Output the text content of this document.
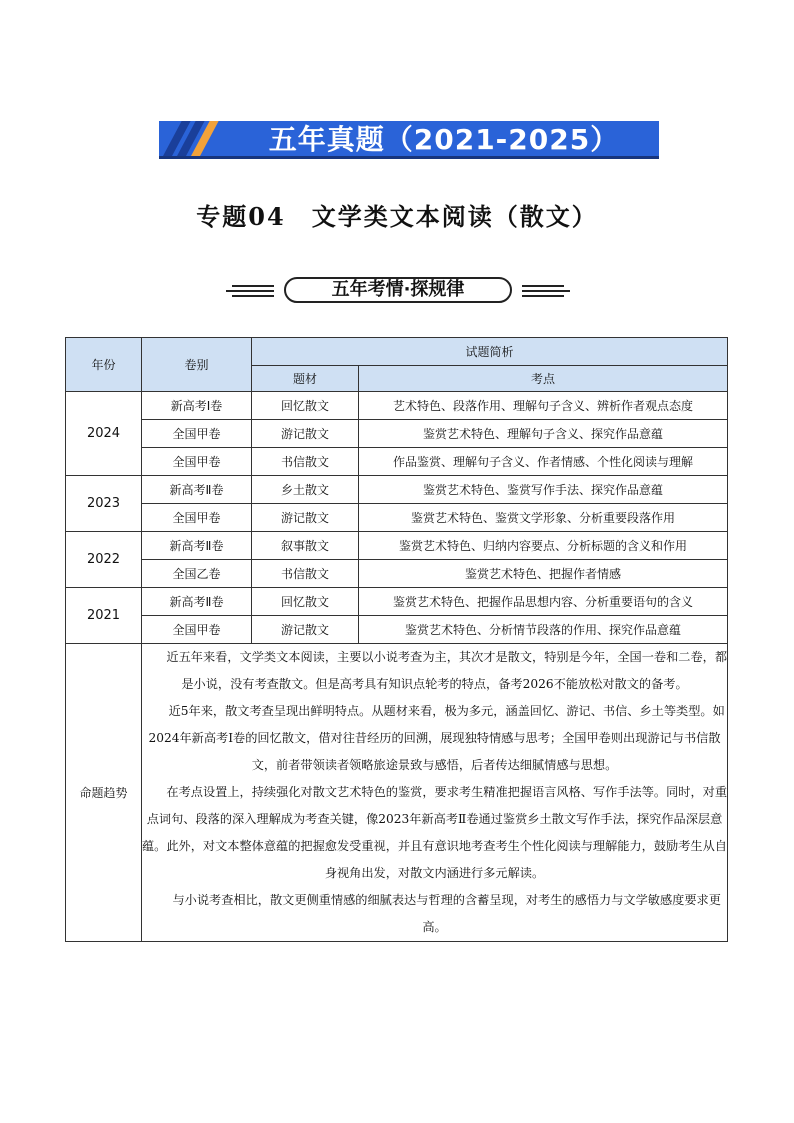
五年真题（2021-2025）
专题04　文学类文本阅读（散文）
五年考情·探规律
年份	卷别	试题简析	
		题材	考点
2024	新高考Ⅰ卷	回忆散文	艺术特色、段落作用、理解句子含义、辨析作者观点态度
	全国甲卷	游记散文	鉴赏艺术特色、理解句子含义、探究作品意蕴
	全国甲卷	书信散文	作品鉴赏、理解句子含义、作者情感、个性化阅读与理解
2023	新高考Ⅱ卷	乡土散文	鉴赏艺术特色、鉴赏写作手法、探究作品意蕴
	全国甲卷	游记散文	鉴赏艺术特色、鉴赏文学形象、分析重要段落作用
2022	新高考Ⅱ卷	叙事散文	鉴赏艺术特色、归纳内容要点、分析标题的含义和作用
	全国乙卷	书信散文	鉴赏艺术特色、把握作者情感
2021	新高考Ⅱ卷	回忆散文	鉴赏艺术特色、把握作品思想内容、分析重要语句的含义
	全国甲卷	游记散文	鉴赏艺术特色、分析情节段落的作用、探究作品意蕴
命题趋势	近五年来看，文学类文本阅读，主要以小说考查为主，其次才是散文，特别是今年，全国一卷和二卷，都是小说，没有考查散文。但是高考具有知识点轮考的特点，备考2026不能放松对散文的备考。

近5年来，散文考查呈现出鲜明特点。从题材来看，极为多元，涵盖回忆、游记、书信、乡土等类型。如2024年新高考Ⅰ卷的回忆散文，借对往昔经历的回溯，展现独特情感与思考；全国甲卷则出现游记与书信散文，前者带领读者领略旅途景致与感悟，后者传达细腻情感与思想。

在考点设置上，持续强化对散文艺术特色的鉴赏，要求考生精准把握语言风格、写作手法等。同时，对重点词句、段落的深入理解成为考查关键，像2023年新高考Ⅱ卷通过鉴赏乡土散文写作手法，探究作品深层意蕴。此外，对文本整体意蕴的把握愈发受重视，并且有意识地考查考生个性化阅读与理解能力，鼓励考生从自身视角出发，对散文内涵进行多元解读。

与小说考查相比，散文更侧重情感的细腻表达与哲理的含蓄呈现，对考生的感悟力与文学敏感度要求更高。		
